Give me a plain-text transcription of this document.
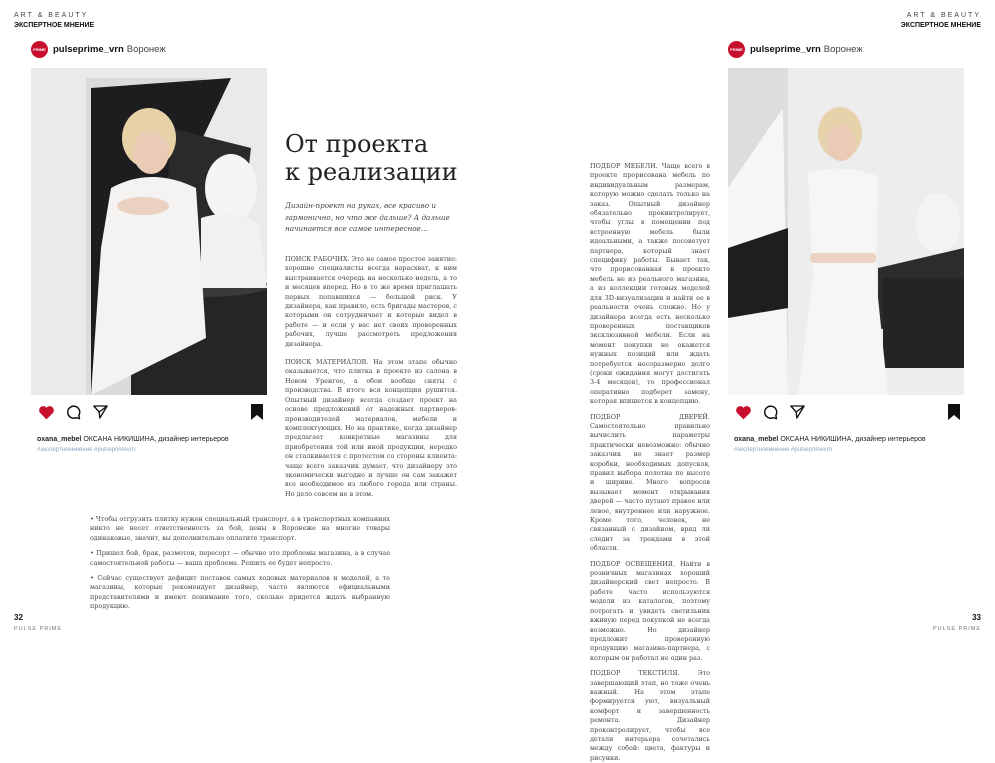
ART & BEAUTY
ЭКСПЕРТНОЕ МНЕНИЕ
ART & BEAUTY
ЭКСПЕРТНОЕ МНЕНИЕ
PRIME pulseprime_vrn Воронеж
oxana_mebel ОКСАНА НИКИШИНА, дизайнер интерьеров
#экспертноемнение #pulseprimevrn
От проекта
к реализации
Дизайн-проект на руках, все красиво и гармонично, но что же дальше? А дальше начинается все самое интересное…

ПОИСК РАБОЧИХ. Это не самое простое занятие: хорошие специалисты всегда нарасхват, к ним выстраивается очередь на несколько недель, а то и месяцев вперед. Но в то же время приглашать первых попавшихся — большой риск. У дизайнера, как правило, есть бригады мастеров, с которыми он сотрудничает и которые видел в работе — и если у вас нет своих проверенных рабочих, лучше рассмотреть предложения дизайнера.

ПОИСК МАТЕРИАЛОВ. На этом этапе обычно оказывается, что плитка в проекте из салона в Новом Уренгое, а обои вообще сняты с производства. В итоге вся концепция рушится. Опытный дизайнер всегда создает проект на основе предложений от надежных партнеров-производителей материалов, мебели и комплектующих. Но на практике, когда дизайнер предлагает конкретные магазины для приобретения той или иной продукции, нередко он сталкивается с протестом со стороны клиента: чаще всего заказчик думает, что дизайнеру это экономически выгодно и лучше он сам закажет все необходимое из любого города или страны. Но дело совсем не в этом.

• Чтобы отгрузить плитку нужен специальный транспорт, а в транспортных компаниях никто не несет ответственность за бой, цены в Воронеже на многие товары одинаковые, значит, вы дополнительно оплатите транспорт.

• Пришел бой, брак, размотон, пересорт — обычно это проблемы магазина, а в случае самостоятельной работы — ваша проблема. Решить ее будет непросто.

• Сейчас существует дефицит поставок самых ходовых материалов и моделей, а те магазины, которые рекомендует дизайнер, часто являются официальными представителями и имеют понимание того, сколько придется ждать выбранную продукцию.

ПОДБОР МЕБЕЛИ. Чаще всего в проекте прорисована мебель по индивидуальным размерам, которую можно сделать только на заказ. Опытный дизайнер обязательно прокинтролирует, чтобы углы в помещении под встроенную мебель были идеальными, а также посоветует партнера, который знает специфику работы. Бывает так, что прорисованная в проекте мебель не из реального магазина, а из коллекции готовых моделей для 3D-визуализации и найти ее в реальности очень сложно. Но у дизайнера всегда есть несколько проверенных поставщиков эксклюзивной мебели. Если на момент покупки не окажется нужных позиций или ждать потребуется несоразмерно долго (сроки ожидания могут достигать 3-4 месяцев), то профессионал оперативно подберет замену, которая впишется в концепцию.

ПОДБОР ДВЕРЕЙ. Самостоятельно правильно вычислить параметры практически невозможно: обычно заказчик не знает размер коробки, необходимых допусков, правил выбора полотна по высоте и ширине. Много вопросов вызывает момент открывания дверей — часто путают правое или левое, внутреннее или наружное. Кроме того, человек, не связанный с дизайном, вряд ли следит за трендами в этой области.

ПОДБОР ОСВЕЩЕНИЯ. Найти в розничных магазинах хороший дизайнерский свет непросто. В работе часто используются модели из каталогов, поэтому потрогать и увидеть светильник вживую перед покупкой не всегда возможно. Но дизайнер предложит проверенную продукцию магазина-партнера, с которым он работал не один раз.

ПОДБОР ТЕКСТИЛЯ. Это завершающий этап, но тоже очень важный. На этом этапе формируется уют, визуальный комфорт и завершенность ремонта. Дизайнер проконтролирует, чтобы все детали интерьера сочетались между собой: цвета, фактуры и рисунки.

PRIME pulseprime_vrn Воронеж
oxana_mebel ОКСАНА НИКИШИНА, дизайнер интерьеров
#экспертноемнение #pulseprimevrn
32
PULSE PRIME
33
PULSE PRIME
